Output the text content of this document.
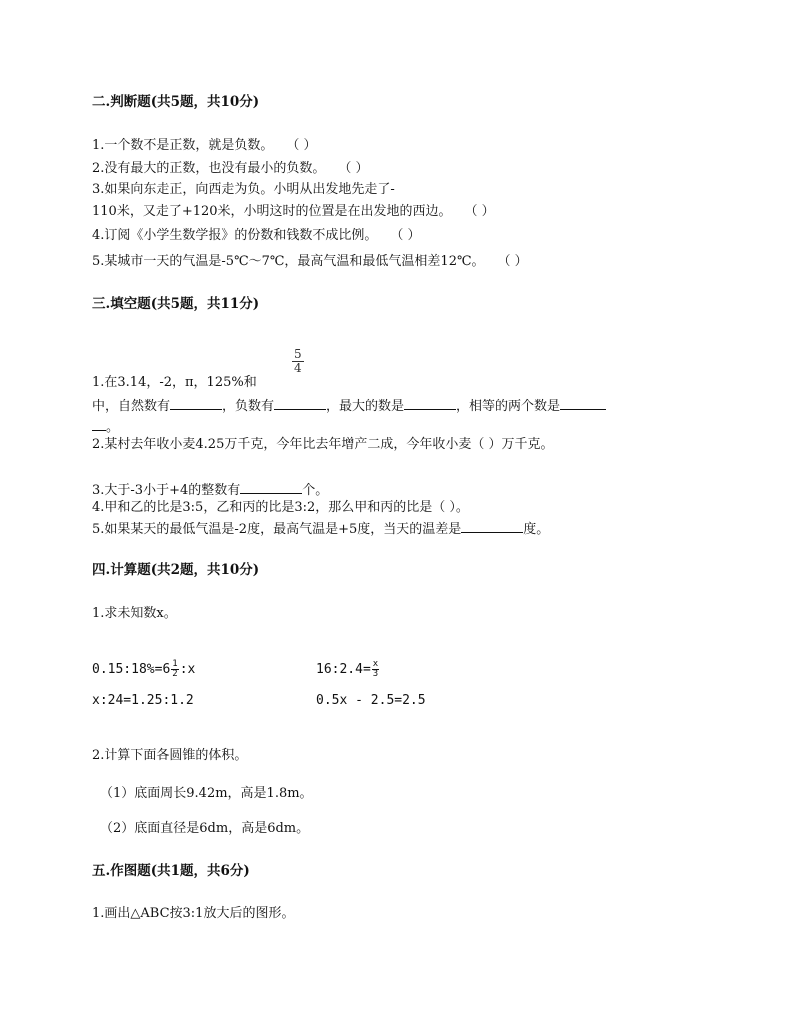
二.判断题(共5题，共10分)
1.一个数不是正数，就是负数。　　（ ）
2.没有最大的正数，也没有最小的负数。　　（ ）
3.如果向东走正，向西走为负。小明从出发地先走了-
110米，又走了+120米，小明这时的位置是在出发地的西边。　　（ ）
4.订阅《小学生数学报》的份数和钱数不成比例。　　（ ）
5.某城市一天的气温是-5℃～7℃，最高气温和最低气温相差12℃。　　（ ）
三.填空题(共5题，共11分)
$\frac{5}{4}$
1.在3.14，-2，π，125%和
中，自然数有	，负数有	，最大的数是	，相等的两个数是
。
2.某村去年收小麦4.25万千克，今年比去年增产二成，今年收小麦（ ）万千克。
3.大于-3小于+4的整数有	个。
4.甲和乙的比是3:5，乙和丙的比是3:2，那么甲和丙的比是（ ）。
5.如果某天的最低气温是-2度，最高气温是+5度，当天的温差是	度。
四.计算题(共2题，共10分)
1.求未知数x。
0.15:18%=6 $\frac{1}{2}$ :x	16:2.4= $\frac{x}{3}$
x:24=1.25:1.2	0.5x - 2.5=2.5
2.计算下面各圆锥的体积。
（1）底面周长9.42m，高是1.8m。
（2）底面直径是6dm，高是6dm。
五.作图题(共1题，共6分)
1.画出△ABC按3:1放大后的图形。
